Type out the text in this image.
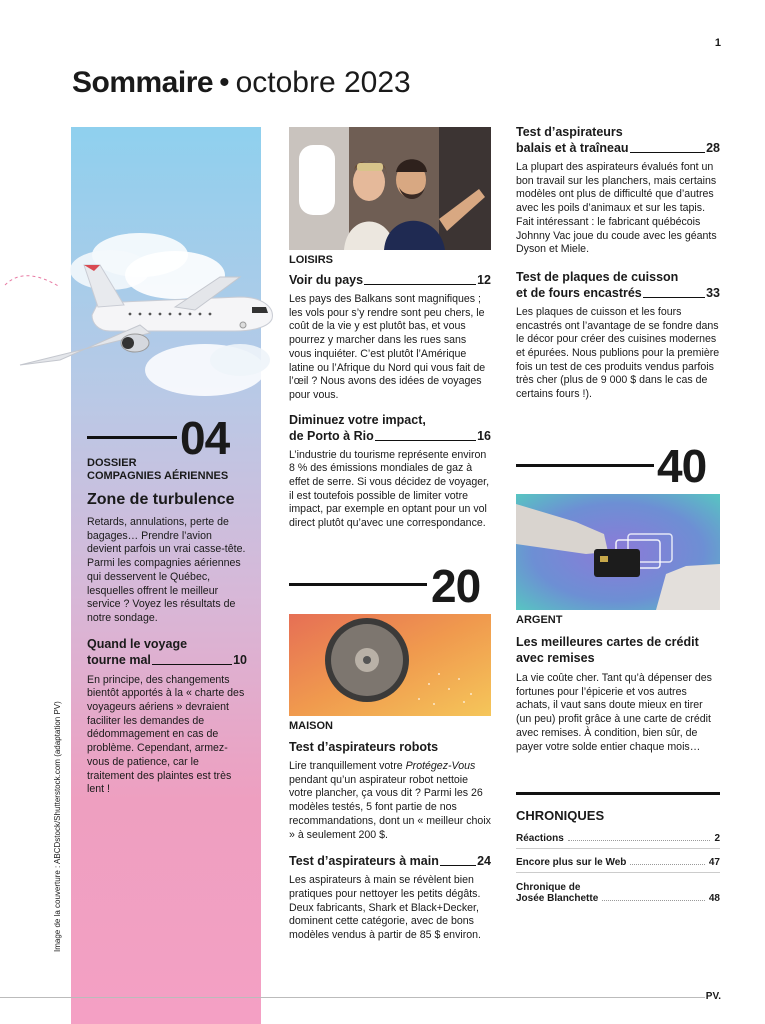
1
Sommaire • octobre 2023
04
DOSSIER
COMPAGNIES AÉRIENNES
Zone de turbulence
Retards, annulations, perte de bagages… Prendre l’avion devient parfois un vrai casse-tête. Parmi les compagnies aériennes qui desservent le Québec, lesquelles offrent le meilleur service ? Voyez les résultats de notre sondage.
Quand le voyage
tourne mal	10
En principe, des changements bientôt apportés à la « charte des voyageurs aériens » devraient faciliter les demandes de dédommagement en cas de problème. Cependant, armez-vous de patience, car le traitement des plaintes est très lent !
LOISIRS
Voir du pays	12
Les pays des Balkans sont magnifiques ; les vols pour s’y rendre sont peu chers, le coût de la vie y est plutôt bas, et vous pourrez y marcher dans les rues sans vous inquiéter. C’est plutôt l’Amérique latine ou l’Afrique du Nord qui vous fait de l’œil ? Nous avons des idées de voyages pour vous.
Diminuez votre impact,
de Porto à Rio	16
L’industrie du tourisme représente environ 8 % des émissions mondiales de gaz à effet de serre. Si vous décidez de voyager, il est toutefois possible de limiter votre impact, par exemple en optant pour un vol direct plutôt qu’avec une correspondance.
20
MAISON
Test d’aspirateurs robots
Lire tranquillement votre Protégez-Vous pendant qu’un aspirateur robot nettoie votre plancher, ça vous dit ? Parmi les 26 modèles testés, 5 font partie de nos recommandations, dont un « meilleur choix » à seulement 200 $.
Test d’aspirateurs à main	24
Les aspirateurs à main se révèlent bien pratiques pour nettoyer les petits dégâts. Deux fabricants, Shark et Black+Decker, dominent cette catégorie, avec de bons modèles vendus à partir de 85 $ environ.
Test d’aspirateurs
balais et à traîneau	28
La plupart des aspirateurs évalués font un bon travail sur les planchers, mais certains modèles ont plus de difficulté que d’autres avec les poils d’animaux et sur les tapis. Fait intéressant : le fabricant québécois Johnny Vac joue du coude avec les géants Dyson et Miele.
Test de plaques de cuisson
et de fours encastrés	33
Les plaques de cuisson et les fours encastrés ont l’avantage de se fondre dans le décor pour créer des cuisines modernes et épurées. Nous publions pour la première fois un test de ces produits vendus parfois très cher (plus de 9 000 $ dans le cas de certains fours !).
40
ARGENT
Les meilleures cartes de crédit avec remises
La vie coûte cher. Tant qu’à dépenser des fortunes pour l’épicerie et vos autres achats, il vaut sans doute mieux en tirer (un peu) profit grâce à une carte de crédit avec remises. À condition, bien sûr, de payer votre solde entier chaque mois…
CHRONIQUES
Réactions	2
Encore plus sur le Web	47
Chronique de
Josée Blanchette	48
Image de la couverture : ABCDstock/Shutterstock.com (adaptation PV)
PV.
